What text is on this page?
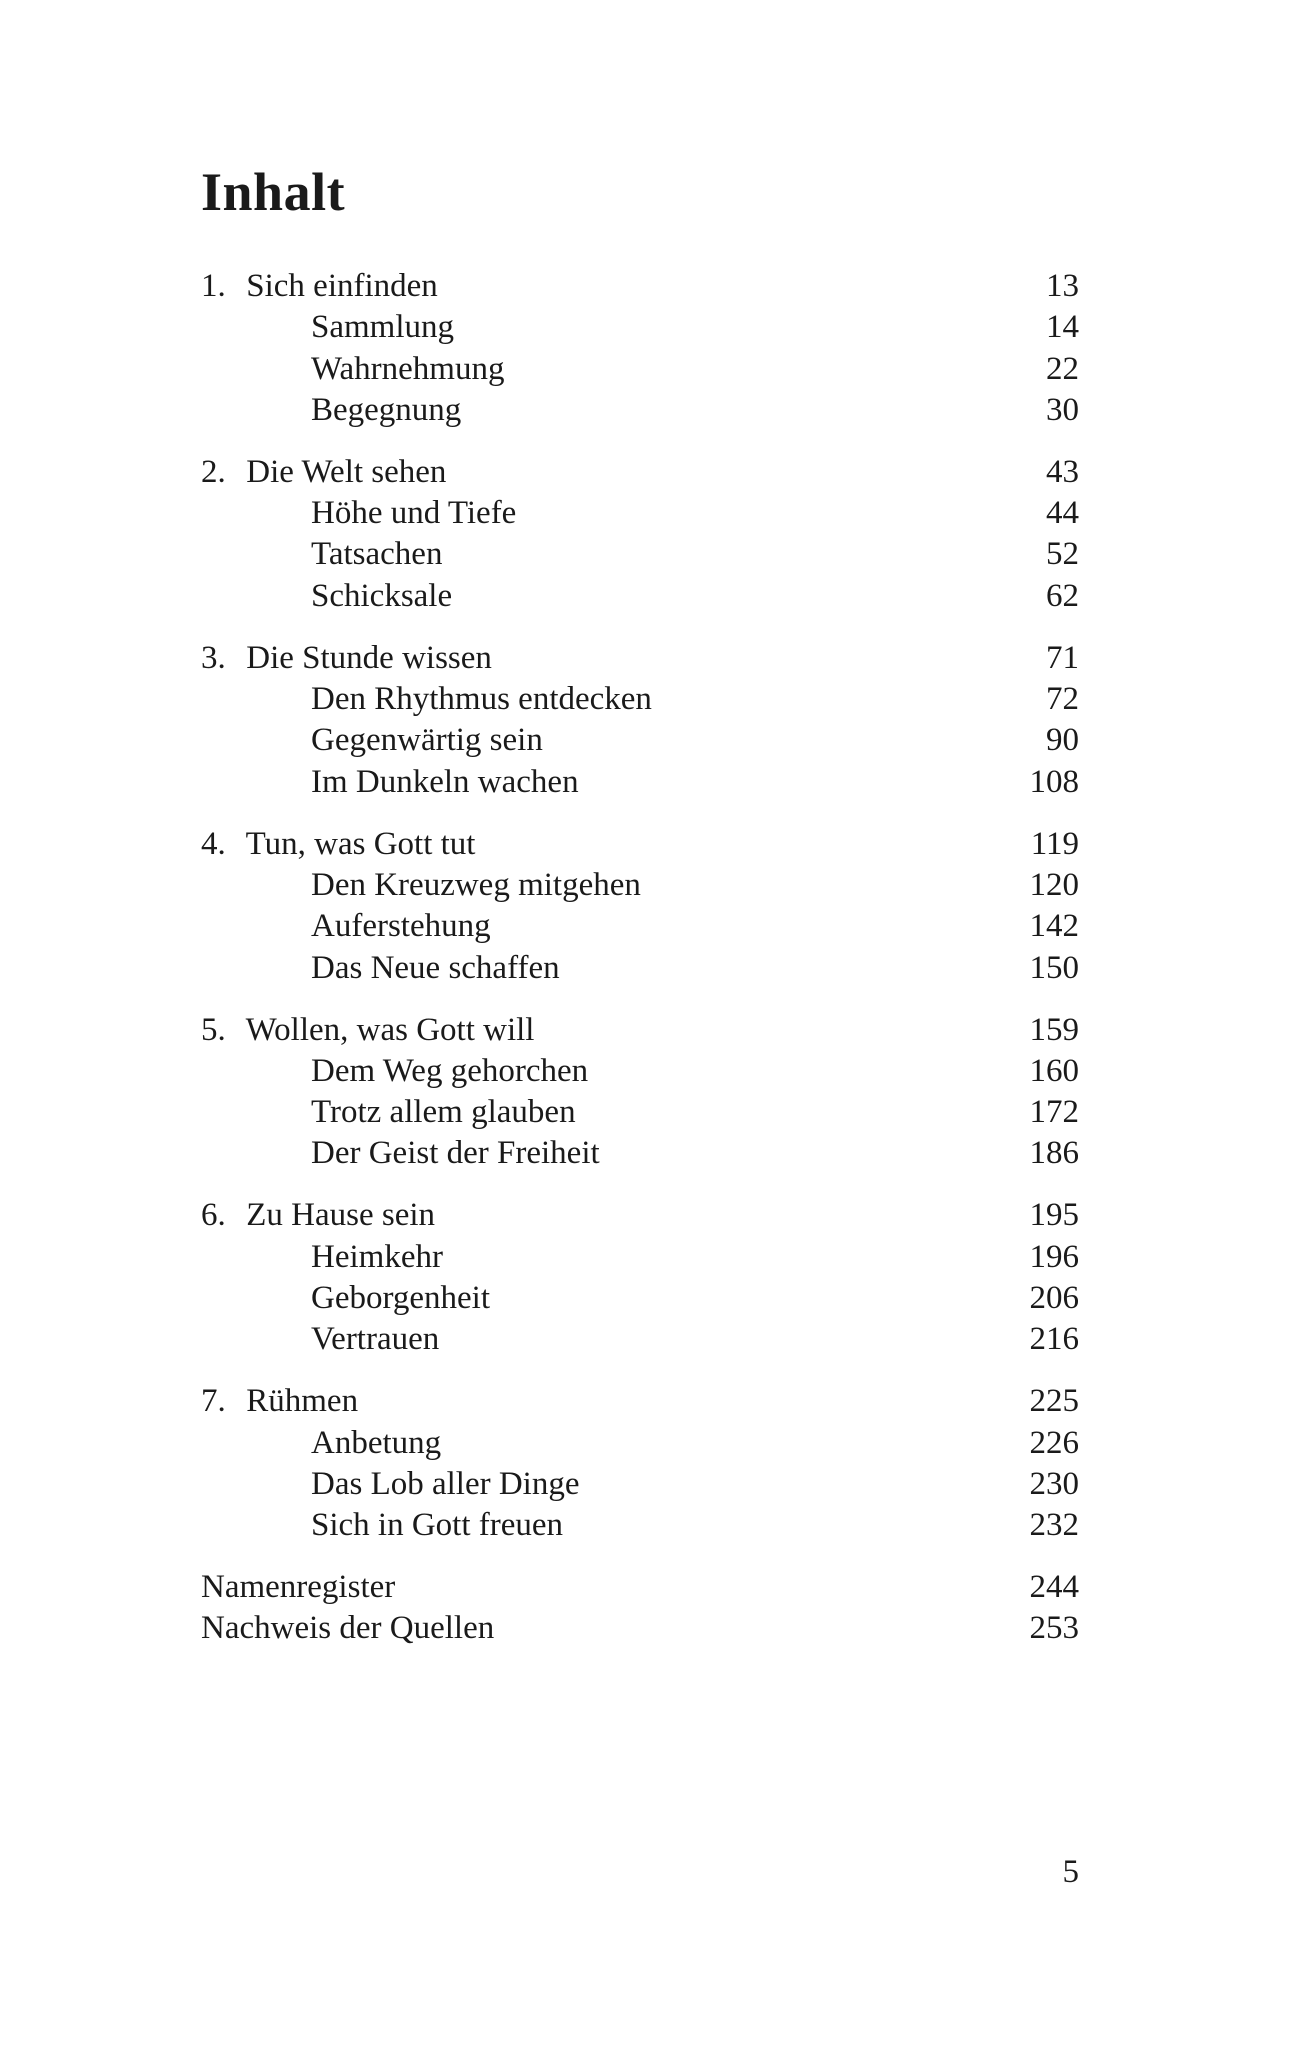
Inhalt
1. Sich einfinden	13
Sammlung	14
Wahrnehmung	22
Begegnung	30
2. Die Welt sehen	43
Höhe und Tiefe	44
Tatsachen	52
Schicksale	62
3. Die Stunde wissen	71
Den Rhythmus entdecken	72
Gegenwärtig sein	90
Im Dunkeln wachen	108
4. Tun, was Gott tut	119
Den Kreuzweg mitgehen	120
Auferstehung	142
Das Neue schaffen	150
5. Wollen, was Gott will	159
Dem Weg gehorchen	160
Trotz allem glauben	172
Der Geist der Freiheit	186
6. Zu Hause sein	195
Heimkehr	196
Geborgenheit	206
Vertrauen	216
7. Rühmen	225
Anbetung	226
Das Lob aller Dinge	230
Sich in Gott freuen	232
Namenregister	244
Nachweis der Quellen	253
5
